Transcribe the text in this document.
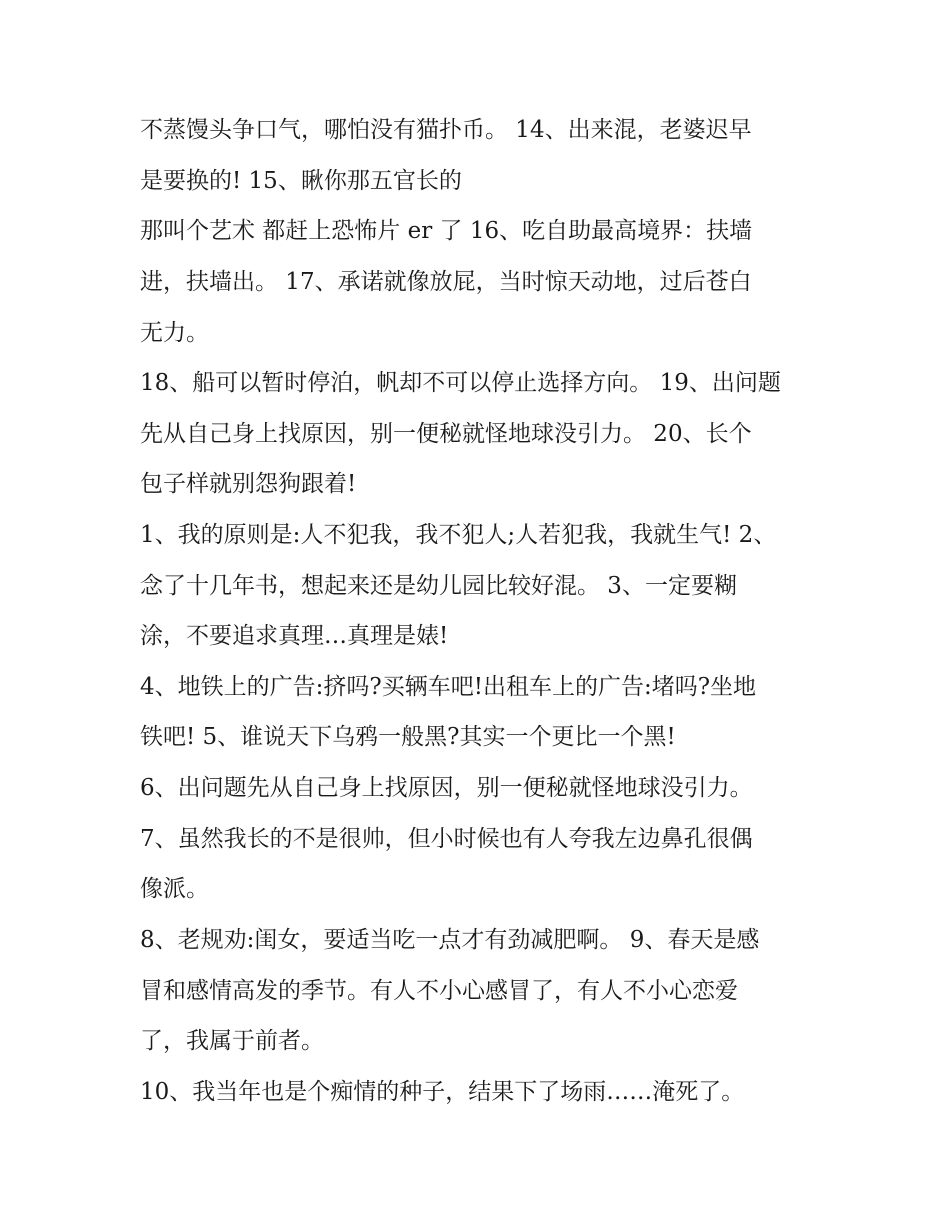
不蒸馒头争口气，哪怕没有猫扑币。 14、出来混，老婆迟早
是要换的! 15、瞅你那五官长的
那叫个艺术 都赶上恐怖片 er 了 16、吃自助最高境界：扶墙
进，扶墙出。 17、承诺就像放屁，当时惊天动地，过后苍白
无力。
18、船可以暂时停泊，帆却不可以停止选择方向。 19、出问题
先从自己身上找原因，别一便秘就怪地球没引力。 20、长个
包子样就别怨狗跟着!
1、我的原则是:人不犯我，我不犯人;人若犯我，我就生气! 2、
念了十几年书，想起来还是幼儿园比较好混。 3、一定要糊
涂，不要追求真理…真理是婊!
4、地铁上的广告:挤吗?买辆车吧!出租车上的广告:堵吗?坐地
铁吧! 5、谁说天下乌鸦一般黑?其实一个更比一个黑!
6、出问题先从自己身上找原因，别一便秘就怪地球没引力。
7、虽然我长的不是很帅，但小时候也有人夸我左边鼻孔很偶
像派。
8、老规劝:闺女，要适当吃一点才有劲减肥啊。 9、春天是感
冒和感情高发的季节。有人不小心感冒了，有人不小心恋爱
了，我属于前者。
10、我当年也是个痴情的种子，结果下了场雨……淹死了。
